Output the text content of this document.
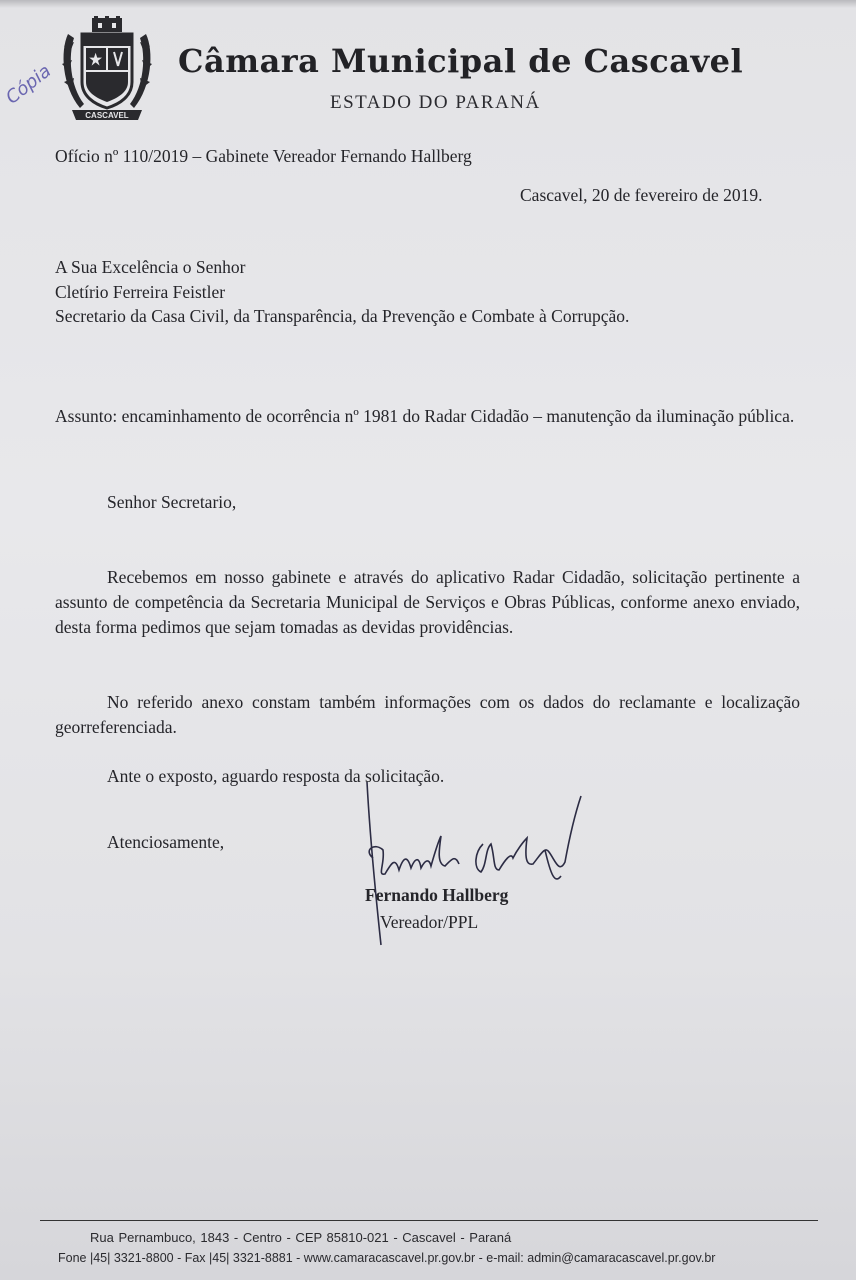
CASCAVEL
Câmara Municipal de Cascavel
ESTADO DO PARANÁ
Cópia
Ofício nº 110/2019 – Gabinete Vereador Fernando Hallberg
Cascavel, 20 de fevereiro de 2019.
A Sua Excelência o Senhor
Cletírio Ferreira Feistler
Secretario da Casa Civil, da Transparência, da Prevenção e Combate à Corrupção.
Assunto: encaminhamento de ocorrência nº 1981 do Radar Cidadão – manutenção da iluminação pública.
Senhor Secretario,
Recebemos em nosso gabinete e através do aplicativo Radar Cidadão, solicitação pertinente a assunto de competência da Secretaria Municipal de Serviços e Obras Públicas, conforme anexo enviado, desta forma pedimos que sejam tomadas as devidas providências.
No referido anexo constam também informações com os dados do reclamante e localização georreferenciada.
Ante o exposto, aguardo resposta da solicitação.
Atenciosamente,
Fernando Hallberg
Vereador/PPL
Rua Pernambuco, 1843 - Centro - CEP 85810-021 - Cascavel - Paraná
Fone |45| 3321-8800 - Fax |45| 3321-8881 - www.camaracascavel.pr.gov.br - e-mail: admin@camaracascavel.pr.gov.br
